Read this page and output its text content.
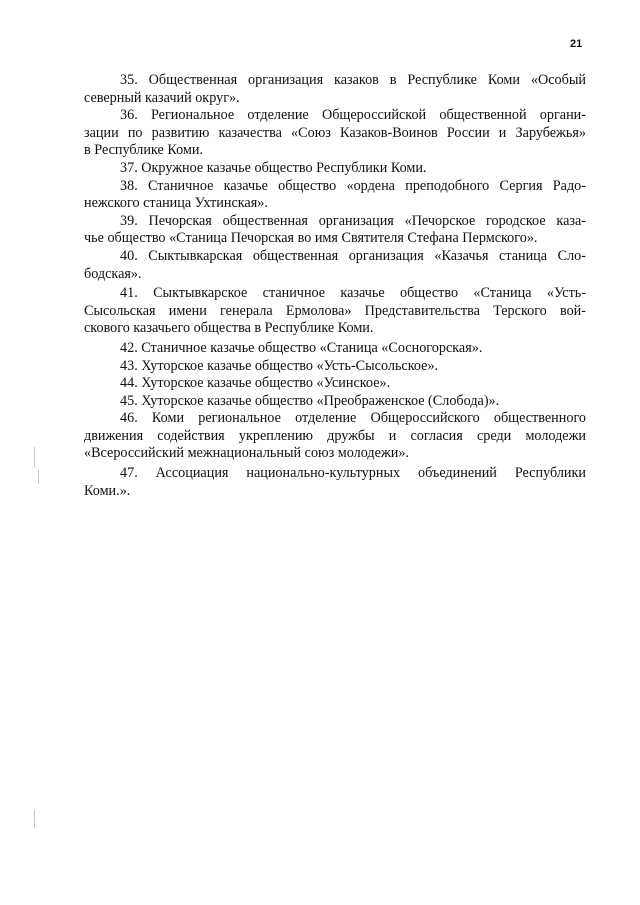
21
35. Общественная организация казаков в Республике Коми «Особый
северный казачий округ».
36. Региональное отделение Общероссийской общественной органи-
зации по развитию казачества «Союз Казаков-Воинов России и Зарубежья»
в Республике Коми.
37. Окружное казачье общество Республики Коми.
38. Станичное казачье общество «ордена преподобного Сергия Радо-
нежского станица Ухтинская».
39. Печорская общественная организация «Печорское городское каза-
чье общество «Станица Печорская во имя Святителя Стефана Пермского».
40. Сыктывкарская общественная организация «Казачья станица Сло-
бодская».
41. Сыктывкарское станичное казачье общество «Станица «Усть-
Сысольская имени генерала Ермолова» Представительства Терского вой-
скового казачьего общества в Республике Коми.
42. Станичное казачье общество «Станица «Сосногорская».
43. Хуторское казачье общество «Усть-Сысольское».
44. Хуторское казачье общество «Усинское».
45. Хуторское казачье общество «Преображенское (Слобода)».
46. Коми региональное отделение Общероссийского общественного
движения содействия укреплению дружбы и согласия среди молодежи
«Всероссийский межнациональный союз молодежи».
47. Ассоциация национально-культурных объединений Республики
Коми.».
